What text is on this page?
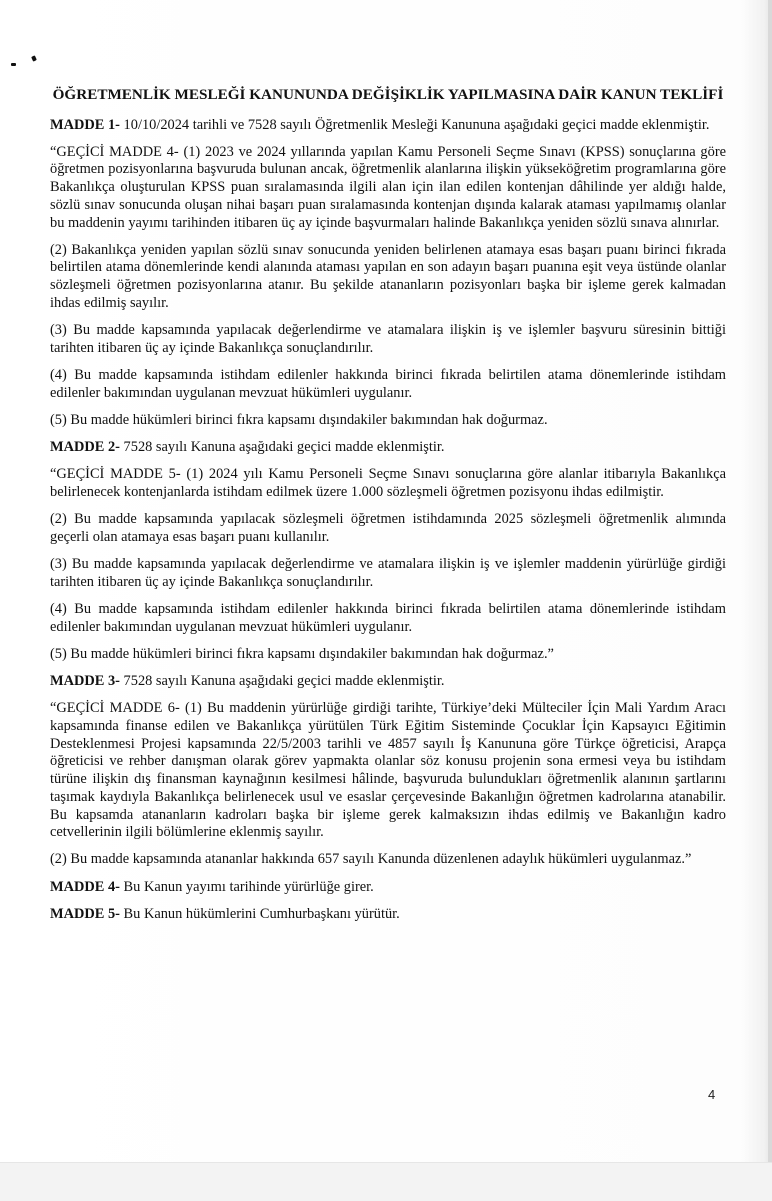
ÖĞRETMENLİK MESLEĞİ KANUNUNDA DEĞİŞİKLİK YAPILMASINA DAİR KANUN TEKLİFİ

MADDE 1- 10/10/2024 tarihli ve 7528 sayılı Öğretmenlik Mesleği Kanununa aşağıdaki geçici madde eklenmiştir.

“GEÇİCİ MADDE 4- (1) 2023 ve 2024 yıllarında yapılan Kamu Personeli Seçme Sınavı (KPSS) sonuçlarına göre öğretmen pozisyonlarına başvuruda bulunan ancak, öğretmenlik alanlarına ilişkin yükseköğretim programlarına göre Bakanlıkça oluşturulan KPSS puan sıralamasında ilgili alan için ilan edilen kontenjan dâhilinde yer aldığı halde, sözlü sınav sonucunda oluşan nihai başarı puan sıralamasında kontenjan dışında kalarak ataması yapılmamış olanlar bu maddenin yayımı tarihinden itibaren üç ay içinde başvurmaları halinde Bakanlıkça yeniden sözlü sınava alınırlar.

(2) Bakanlıkça yeniden yapılan sözlü sınav sonucunda yeniden belirlenen atamaya esas başarı puanı birinci fıkrada belirtilen atama dönemlerinde kendi alanında ataması yapılan en son adayın başarı puanına eşit veya üstünde olanlar sözleşmeli öğretmen pozisyonlarına atanır. Bu şekilde atananların pozisyonları başka bir işleme gerek kalmadan ihdas edilmiş sayılır.

(3) Bu madde kapsamında yapılacak değerlendirme ve atamalara ilişkin iş ve işlemler başvuru süresinin bittiği tarihten itibaren üç ay içinde Bakanlıkça sonuçlandırılır.

(4) Bu madde kapsamında istihdam edilenler hakkında birinci fıkrada belirtilen atama dönemlerinde istihdam edilenler bakımından uygulanan mevzuat hükümleri uygulanır.

(5) Bu madde hükümleri birinci fıkra kapsamı dışındakiler bakımından hak doğurmaz.

MADDE 2- 7528 sayılı Kanuna aşağıdaki geçici madde eklenmiştir.

“GEÇİCİ MADDE 5- (1) 2024 yılı Kamu Personeli Seçme Sınavı sonuçlarına göre alanlar itibarıyla Bakanlıkça belirlenecek kontenjanlarda istihdam edilmek üzere 1.000 sözleşmeli öğretmen pozisyonu ihdas edilmiştir.

(2) Bu madde kapsamında yapılacak sözleşmeli öğretmen istihdamında 2025 sözleşmeli öğretmenlik alımında geçerli olan atamaya esas başarı puanı kullanılır.

(3) Bu madde kapsamında yapılacak değerlendirme ve atamalara ilişkin iş ve işlemler maddenin yürürlüğe girdiği tarihten itibaren üç ay içinde Bakanlıkça sonuçlandırılır.

(4) Bu madde kapsamında istihdam edilenler hakkında birinci fıkrada belirtilen atama dönemlerinde istihdam edilenler bakımından uygulanan mevzuat hükümleri uygulanır.

(5) Bu madde hükümleri birinci fıkra kapsamı dışındakiler bakımından hak doğurmaz.”

MADDE 3- 7528 sayılı Kanuna aşağıdaki geçici madde eklenmiştir.

“GEÇİCİ MADDE 6- (1) Bu maddenin yürürlüğe girdiği tarihte, Türkiye’deki Mülteciler İçin Mali Yardım Aracı kapsamında finanse edilen ve Bakanlıkça yürütülen Türk Eğitim Sisteminde Çocuklar İçin Kapsayıcı Eğitimin Desteklenmesi Projesi kapsamında 22/5/2003 tarihli ve 4857 sayılı İş Kanununa göre Türkçe öğreticisi, Arapça öğreticisi ve rehber danışman olarak görev yapmakta olanlar söz konusu projenin sona ermesi veya bu istihdam türüne ilişkin dış finansman kaynağının kesilmesi hâlinde, başvuruda bulundukları öğretmenlik alanının şartlarını taşımak kaydıyla Bakanlıkça belirlenecek usul ve esaslar çerçevesinde Bakanlığın öğretmen kadrolarına atanabilir. Bu kapsamda atananların kadroları başka bir işleme gerek kalmaksızın ihdas edilmiş ve Bakanlığın kadro cetvellerinin ilgili bölümlerine eklenmiş sayılır.

(2) Bu madde kapsamında atananlar hakkında 657 sayılı Kanunda düzenlenen adaylık hükümleri uygulanmaz.”

MADDE 4- Bu Kanun yayımı tarihinde yürürlüğe girer.

MADDE 5- Bu Kanun hükümlerini Cumhurbaşkanı yürütür.

4
